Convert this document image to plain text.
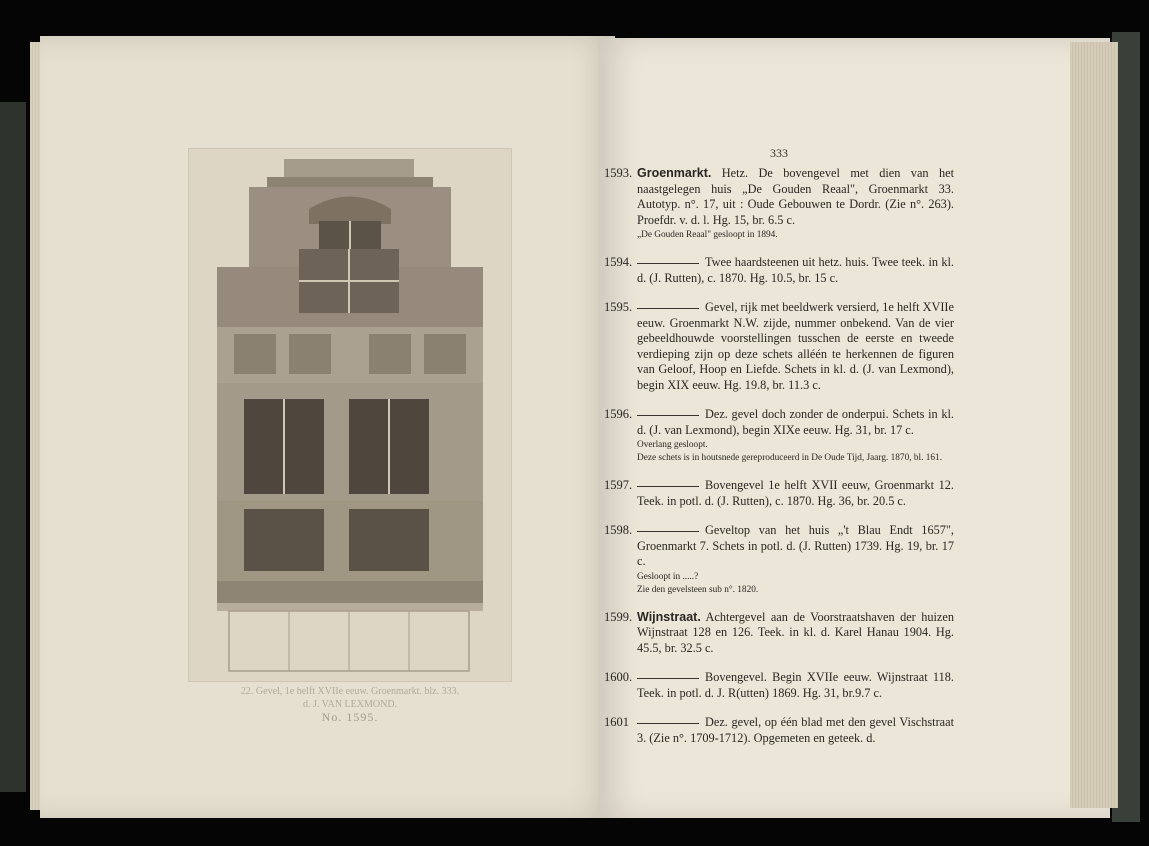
22. Gevel, 1e helft XVIIe eeuw. Groenmarkt. blz. 333.
d. J. VAN LEXMOND.
No. 1595.
333
1593. Groenmarkt. Hetz. De bovengevel met dien van het naastgelegen huis „De Gouden Reaal", Groenmarkt 33. Autotyp. n°. 17, uit : Oude Gebouwen te Dordr. (Zie n°. 263). Proefdr. v. d. l. Hg. 15, br. 6.5 c.
„De Gouden Reaal" gesloopt in 1894.
1594.	Twee haardsteenen uit hetz. huis. Twee teek. in kl. d. (J. Rutten), c. 1870. Hg. 10.5, br. 15 c.
1595.	Gevel, rijk met beeldwerk versierd, 1e helft XVIIe eeuw. Groenmarkt N.W. zijde, nummer onbekend. Van de vier gebeeldhouwde voorstellingen tusschen de eerste en tweede verdieping zijn op deze schets alléén te herkennen de figuren van Geloof, Hoop en Liefde. Schets in kl. d. (J. van Lexmond), begin XIX eeuw. Hg. 19.8, br. 11.3 c.
1596.	Dez. gevel doch zonder de onderpui. Schets in kl. d. (J. van Lexmond), begin XIXe eeuw. Hg. 31, br. 17 c.
Overlang gesloopt.
Deze schets is in houtsnede gereproduceerd in De Oude Tijd, Jaarg. 1870, bl. 161.
1597.	Bovengevel 1e helft XVII eeuw, Groenmarkt 12. Teek. in potl. d. (J. Rutten), c. 1870. Hg. 36, br. 20.5 c.
1598.	Geveltop van het huis „'t Blau Endt 1657", Groenmarkt 7. Schets in potl. d. (J. Rutten) 1739. Hg. 19, br. 17 c.
Gesloopt in .....?
Zie den gevelsteen sub n°. 1820.
1599. Wijnstraat. Achtergevel aan de Voorstraatshaven der huizen Wijnstraat 128 en 126. Teek. in kl. d. Karel Hanau 1904. Hg. 45.5, br. 32.5 c.
1600.	Bovengevel. Begin XVIIe eeuw. Wijnstraat 118. Teek. in potl. d. J. R(utten) 1869. Hg. 31, br.9.7 c.
1601	Dez. gevel, op één blad met den gevel Vischstraat 3. (Zie n°. 1709-1712). Opgemeten en geteek. d.
